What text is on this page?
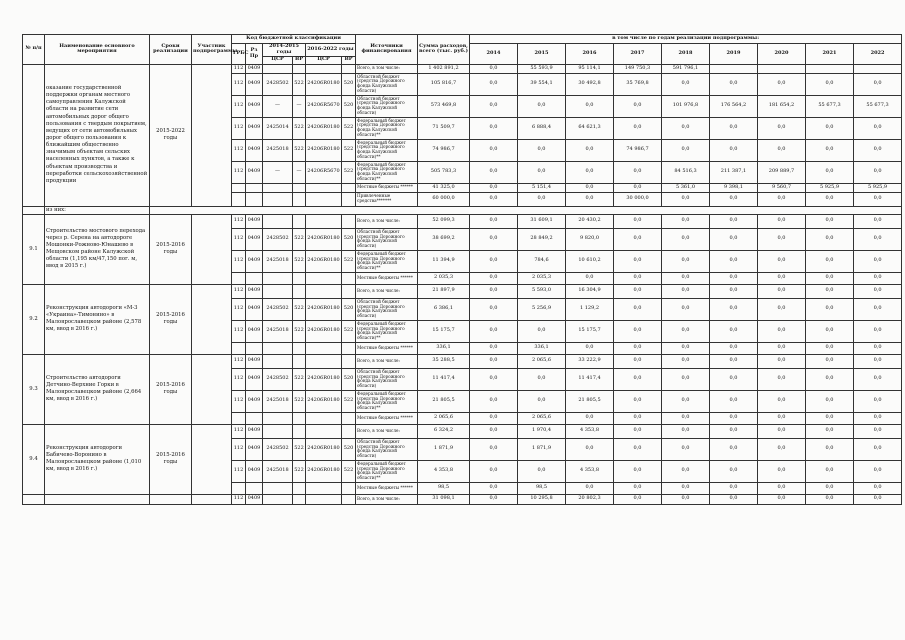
№ п/п	Наименование основного мероприятия	Сроки реализации	Участник подпрограммы	Код бюджетной классификации						Источники финансирования	Сумма расходов, всего (тыс. руб.)	в том числе по годам реализации подпрограммы:								
				ГРБС	Рз Пр	2014-2015 годы		2016-2022 годы				2014	2015	2016	2017	2018	2019	2020	2021	2022
						ЦСР	ВР	ЦСР	ВР											
	оказание государственной поддержки органам местного самоуправления Калужской области на развитие сети автомобильных дорог общего пользования с твердым покрытием, ведущих от сети автомобильных дорог общего пользования к ближайшим общественно значимым объектам сельских населенных пунктов, а также к объектам производства и переработки сельскохозяйственной продукции	2015-2022 годы		112	0409					Всего, в том числе:	1 402 891,2	0,0	55 593,9	95 114,1	149 750,3	591 796,1				
				112	0409	2428502	522	24206R0180	520	Областной бюджет (средства Дорожного фонда Калужской области)	105 816,7	0,0	39 554,1	30 492,8	35 769,8	0,0	0,0	0,0	0,0	0,0
				112	0409	—	—	24206R5670	520	Областной бюджет (средства Дорожного фонда Калужской области)	573 469,8	0,0	0,0	0,0	0,0	101 976,8	176 564,2	181 654,2	55 677,3	55 677,3
				112	0409	2425014	522	24206R0180	522	Федеральный бюджет (средства Дорожного фонда Калужской области)**	71 509,7	0,0	6 888,4	64 621,3	0,0	0,0	0,0	0,0	0,0	0,0
				112	0409	2425018	522	24206R0180	522	Федеральный бюджет (средства Дорожного фонда Калужской области)**	74 986,7	0,0	0,0	0,0	74 986,7	0,0	0,0	0,0	0,0	0,0
				112	0409	—	—	24206R5670	522	Федеральный бюджет (средства Дорожного фонда Калужской области)**	505 783,3	0,0	0,0	0,0	0,0	84 516,3	211 387,1	209 889,7	0,0	0,0
										Местные бюджеты ******	41 325,0	0,0	5 151,4	0,0	0,0	5 361,0	9 398,1	9 560,7	5 925,9	5 925,9
										Привлеченные средства*******	60 000,0	0,0	0,0	0,0	30 000,0	0,0	0,0	0,0	0,0	0,0
	из них:																			
9.1	Строительство мостового перехода через р. Серена на автодороге Мошонки-Рожново-Юнашево в Мещовском районе Калужской области (1,195 км/47,150 пог. м, ввод в 2015 г.)	2015-2016 годы		112	0409					Всего, в том числе:	52 099,3	0,0	31 609,1	20 430,2	0,0	0,0	0,0	0,0	0,0	0,0
				112	0409	2428502	522	24206R0180	520	Областной бюджет (средства Дорожного фонда Калужской области)	38 699,2	0,0	28 849,2	9 820,0	0,0	0,0	0,0	0,0	0,0	0,0
				112	0409	2425018	522	24206R0180	522	Федеральный бюджет (средства Дорожного фонда Калужской области)**	11 394,9	0,0	784,6	10 610,2	0,0	0,0	0,0	0,0	0,0	0,0
										Местные бюджеты ******	2 035,3	0,0	2 035,3	0,0	0,0	0,0	0,0	0,0	0,0	0,0
9.2	Реконструкция автодороги «М-3 «Украина»-Тимонино» в Малоярославецком районе (2,578 км, ввод в 2016 г.)	2015-2016 годы		112	0409					Всего, в том числе:	21 897,9	0,0	5 593,0	16 304,9	0,0	0,0	0,0	0,0	0,0	0,0
				112	0409	2428502	522	24206R0180	520	Областной бюджет (средства Дорожного фонда Калужской области)	6 386,1	0,0	5 256,9	1 129,2	0,0	0,0	0,0	0,0	0,0	0,0
				112	0409	2425018	522	24206R0180	522	Федеральный бюджет (средства Дорожного фонда Калужской области)**	15 175,7	0,0	0,0	15 175,7	0,0	0,0	0,0	0,0	0,0	0,0
										Местные бюджеты ******	336,1	0,0	336,1	0,0	0,0	0,0	0,0	0,0	0,0	0,0
9.3	Строительство автодороги Детчино-Верхние Горки в Малоярославецком районе (2,664 км, ввод в 2016 г.)	2015-2016 годы		112	0409					Всего, в том числе:	35 288,5	0,0	2 065,6	33 222,9	0,0	0,0	0,0	0,0	0,0	0,0
				112	0409	2428502	522	24206R0180	520	Областной бюджет (средства Дорожного фонда Калужской области)	11 417,4	0,0	0,0	11 417,4	0,0	0,0	0,0	0,0	0,0	0,0
				112	0409	2425018	522	24206R0180	522	Федеральный бюджет (средства Дорожного фонда Калужской области)**	21 805,5	0,0	0,0	21 805,5	0,0	0,0	0,0	0,0	0,0	0,0
										Местные бюджеты ******	2 065,6	0,0	2 065,6	0,0	0,0	0,0	0,0	0,0	0,0	0,0
9.4	Реконструкция автодороги Бабичево-Воронино в Малоярославецком районе (1,010 км, ввод в 2016 г.)	2015-2016 годы		112	0409					Всего, в том числе:	6 324,2	0,0	1 970,4	4 353,8	0,0	0,0	0,0	0,0	0,0	0,0
				112	0409	2428502	522	24206R0180	520	Областной бюджет (средства Дорожного фонда Калужской области)	1 871,9	0,0	1 871,9	0,0	0,0	0,0	0,0	0,0	0,0	0,0
				112	0409	2425018	522	24206R0180	522	Федеральный бюджет (средства Дорожного фонда Калужской области)**	4 353,8	0,0	0,0	4 353,8	0,0	0,0	0,0	0,0	0,0	0,0
										Местные бюджеты ******	98,5	0,0	98,5	0,0	0,0	0,0	0,0	0,0	0,0	0,0
				112	0409					Всего, в том числе:	31 098,1	0,0	10 295,8	20 802,3	0,0	0,0	0,0	0,0	0,0	0,0
